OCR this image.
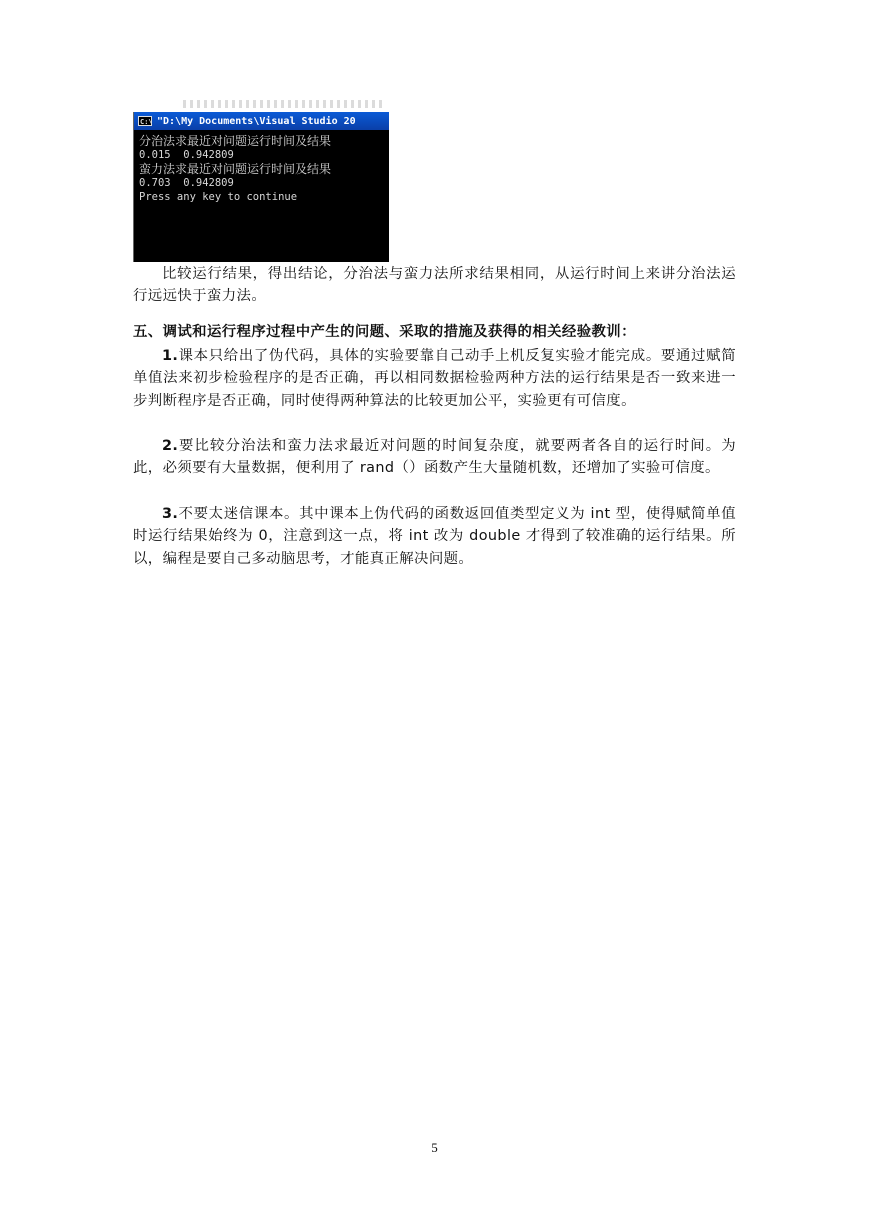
C:\ "D:\My Documents\Visual Studio 20
分治法求最近对问题运行时间及结果
0.015  0.942809
蛮力法求最近对问题运行时间及结果
0.703  0.942809
Press any key to continue
比较运行结果，得出结论，分治法与蛮力法所求结果相同，从运行时间上来讲分治法运行远远快于蛮力法。
五、调试和运行程序过程中产生的问题、采取的措施及获得的相关经验教训：
1.课本只给出了伪代码，具体的实验要靠自己动手上机反复实验才能完成。要通过赋简单值法来初步检验程序的是否正确，再以相同数据检验两种方法的运行结果是否一致来进一步判断程序是否正确，同时使得两种算法的比较更加公平，实验更有可信度。
2.要比较分治法和蛮力法求最近对问题的时间复杂度，就要两者各自的运行时间。为此，必须要有大量数据，便利用了 rand（）函数产生大量随机数，还增加了实验可信度。
3.不要太迷信课本。其中课本上伪代码的函数返回值类型定义为 int 型，使得赋简单值时运行结果始终为 0，注意到这一点，将 int 改为 double 才得到了较准确的运行结果。所以，编程是要自己多动脑思考，才能真正解决问题。
5
